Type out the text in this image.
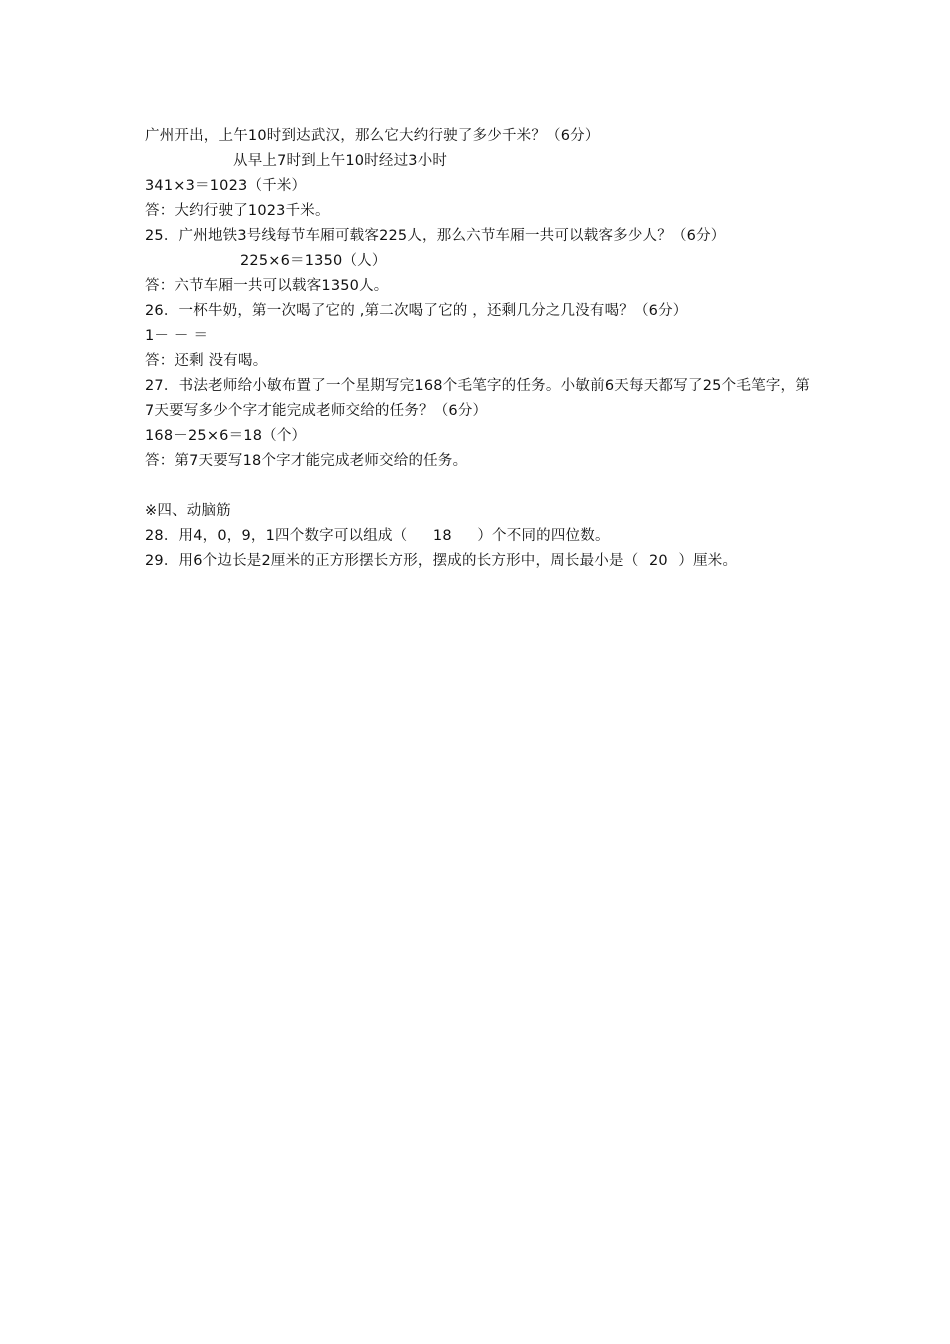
广州开出，上午10时到达武汉，那么它大约行驶了多少千米？（6分）
从早上7时到上午10时经过3小时
341×3＝1023（千米）
答：大约行驶了1023千米。
25．广州地铁3号线每节车厢可载客225人，那么六节车厢一共可以载客多少人？（6分）
225×6＝1350（人）
答：六节车厢一共可以载客1350人。
26．一杯牛奶，第一次喝了它的 ,第二次喝了它的 ，还剩几分之几没有喝？（6分）
1－ － ＝
答：还剩 没有喝。
27．书法老师给小敏布置了一个星期写完168个毛笔字的任务。小敏前6天每天都写了25个毛笔字，第7天要写多少个字才能完成老师交给的任务？（6分）
168－25×6＝18（个）
答：第7天要写18个字才能完成老师交给的任务。
※四、动脑筋
28．用4，0，9，1四个数字可以组成（ 18 ）个不同的四位数。
29．用6个边长是2厘米的正方形摆长方形，摆成的长方形中，周长最小是（ 20 ）厘米。
